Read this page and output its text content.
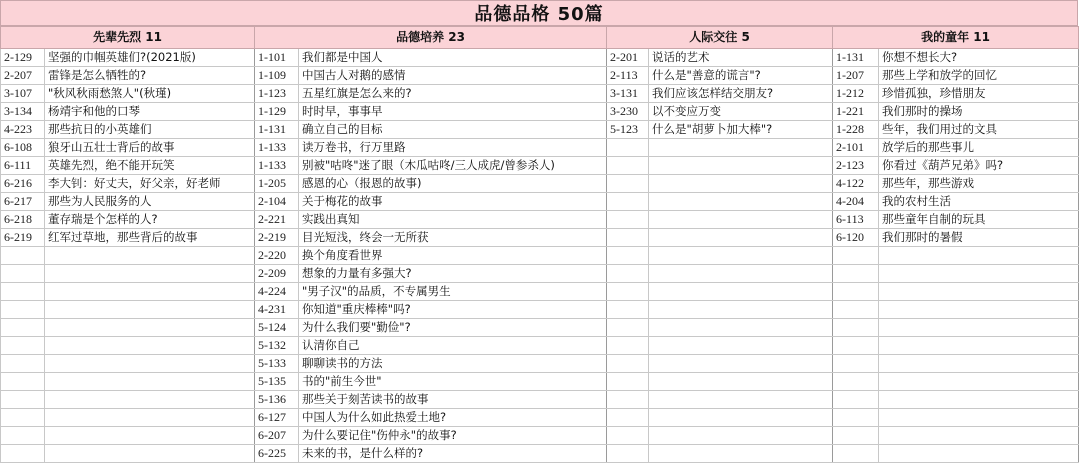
品德品格 50篇
先辈先烈 11		品德培养 23		人际交往 5		我的童年 11	
2-129	坚强的巾帼英雄们?(2021版)	1-101	我们都是中国人	2-201	说话的艺术	1-131	你想不想长大?
2-207	雷锋是怎么牺牲的?	1-109	中国古人对鹅的感情	2-113	什么是"善意的谎言"?	1-207	那些上学和放学的回忆
3-107	"秋风秋雨愁煞人"(秋瑾)	1-123	五星红旗是怎么来的?	3-131	我们应该怎样结交朋友?	1-212	珍惜孤独，珍惜朋友
3-134	杨靖宇和他的口琴	1-129	时时早，事事早	3-230	以不变应万变	1-221	我们那时的操场
4-223	那些抗日的小英雄们	1-131	确立自己的目标	5-123	什么是"胡萝卜加大棒"?	1-228	些年，我们用过的文具
6-108	狼牙山五壮士背后的故事	1-133	读万卷书，行万里路			2-101	放学后的那些事儿
6-111	英雄先烈，绝不能开玩笑	1-133	别被"咕咚"迷了眼（木瓜咕咚/三人成虎/曾参杀人)			2-123	你看过《葫芦兄弟》吗?
6-216	李大钊：好丈夫，好父亲，好老师	1-205	感恩的心（报恩的故事)			4-122	那些年，那些游戏
6-217	那些为人民服务的人	2-104	关于梅花的故事			4-204	我的农村生活
6-218	董存瑞是个怎样的人?	2-221	实践出真知			6-113	那些童年自制的玩具
6-219	红军过草地，那些背后的故事	2-219	目光短浅，终会一无所获			6-120	我们那时的暑假
		2-220	换个角度看世界				
		2-209	想象的力量有多强大?				
		4-224	"男子汉"的品质，不专属男生				
		4-231	你知道"重庆棒棒"吗?				
		5-124	为什么我们要"勤俭"?				
		5-132	认清你自己				
		5-133	聊聊读书的方法				
		5-135	书的"前生今世"				
		5-136	那些关于刻苦读书的故事				
		6-127	中国人为什么如此热爱土地?				
		6-207	为什么要记住"伤仲永"的故事?				
		6-225	未来的书，是什么样的?				
